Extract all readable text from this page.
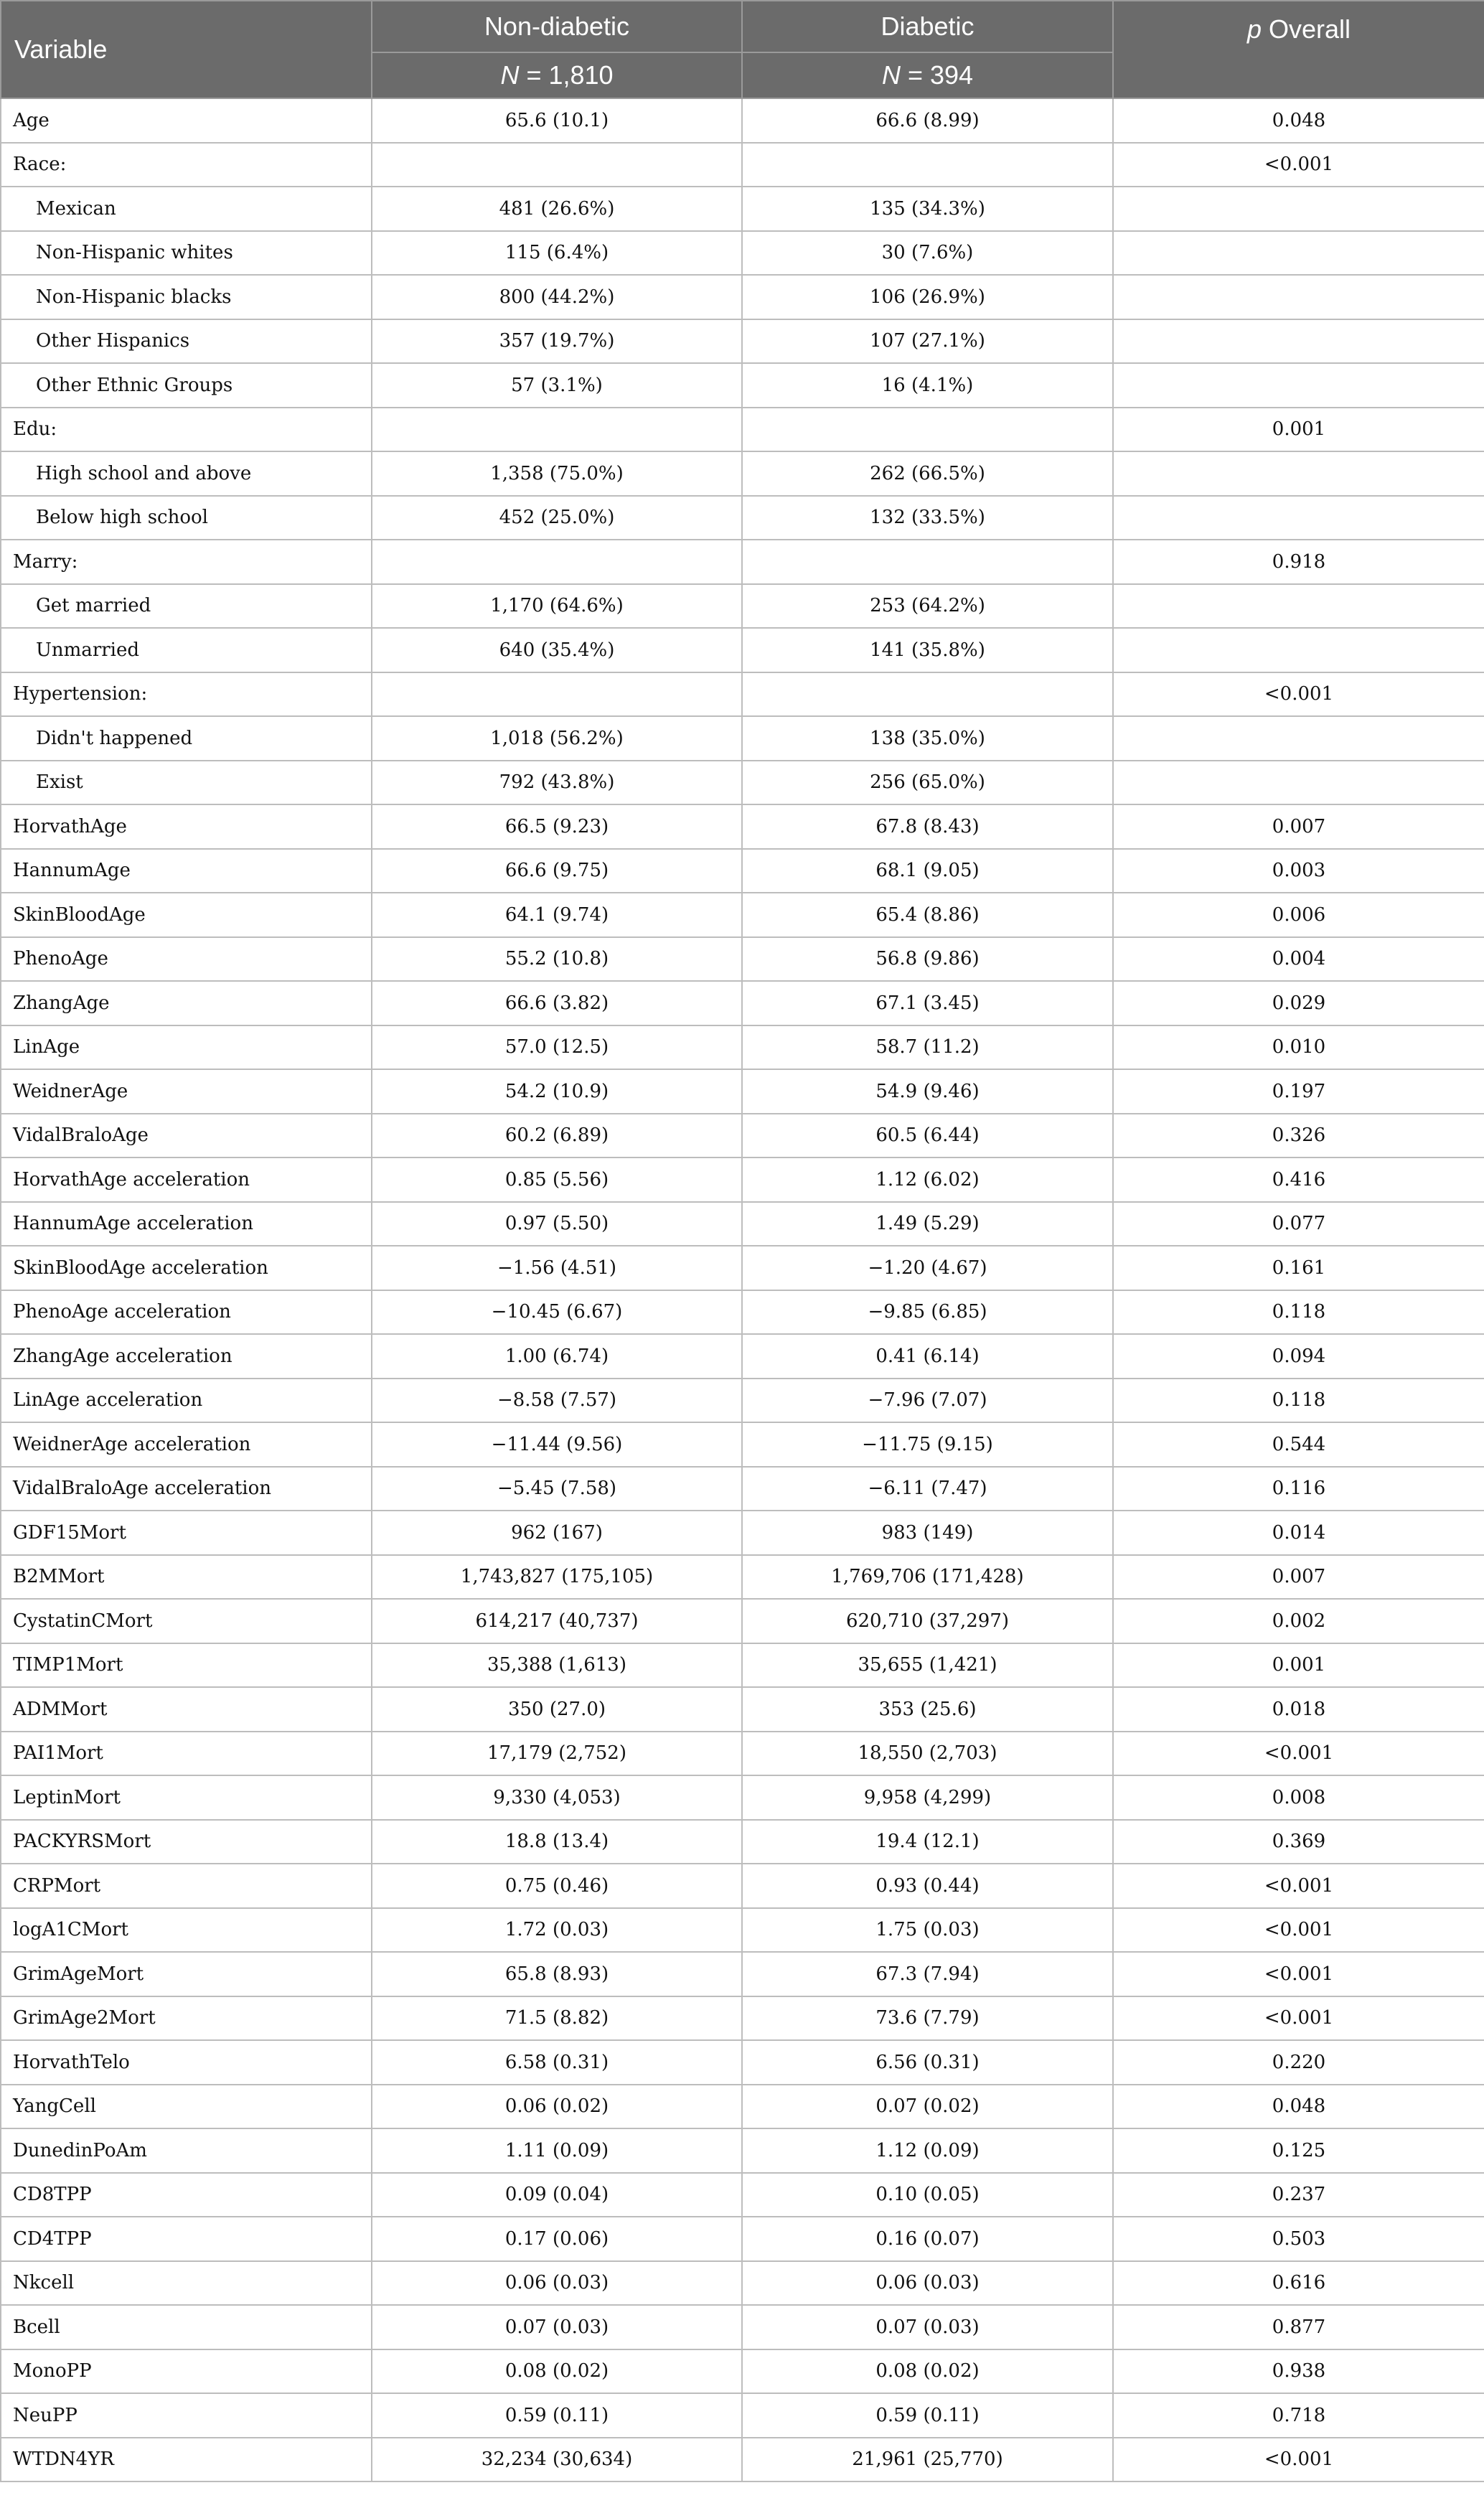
Variable	Non-diabetic	Diabetic	p Overall
	N = 1,810	N = 394	
Age	65.6 (10.1)	66.6 (8.99)	0.048
Race:			<0.001
Mexican	481 (26.6%)	135 (34.3%)	
Non-Hispanic whites	115 (6.4%)	30 (7.6%)	
Non-Hispanic blacks	800 (44.2%)	106 (26.9%)	
Other Hispanics	357 (19.7%)	107 (27.1%)	
Other Ethnic Groups	57 (3.1%)	16 (4.1%)	
Edu:			0.001
High school and above	1,358 (75.0%)	262 (66.5%)	
Below high school	452 (25.0%)	132 (33.5%)	
Marry:			0.918
Get married	1,170 (64.6%)	253 (64.2%)	
Unmarried	640 (35.4%)	141 (35.8%)	
Hypertension:			<0.001
Didn't happened	1,018 (56.2%)	138 (35.0%)	
Exist	792 (43.8%)	256 (65.0%)	
HorvathAge	66.5 (9.23)	67.8 (8.43)	0.007
HannumAge	66.6 (9.75)	68.1 (9.05)	0.003
SkinBloodAge	64.1 (9.74)	65.4 (8.86)	0.006
PhenoAge	55.2 (10.8)	56.8 (9.86)	0.004
ZhangAge	66.6 (3.82)	67.1 (3.45)	0.029
LinAge	57.0 (12.5)	58.7 (11.2)	0.010
WeidnerAge	54.2 (10.9)	54.9 (9.46)	0.197
VidalBraloAge	60.2 (6.89)	60.5 (6.44)	0.326
HorvathAge acceleration	0.85 (5.56)	1.12 (6.02)	0.416
HannumAge acceleration	0.97 (5.50)	1.49 (5.29)	0.077
SkinBloodAge acceleration	−1.56 (4.51)	−1.20 (4.67)	0.161
PhenoAge acceleration	−10.45 (6.67)	−9.85 (6.85)	0.118
ZhangAge acceleration	1.00 (6.74)	0.41 (6.14)	0.094
LinAge acceleration	−8.58 (7.57)	−7.96 (7.07)	0.118
WeidnerAge acceleration	−11.44 (9.56)	−11.75 (9.15)	0.544
VidalBraloAge acceleration	−5.45 (7.58)	−6.11 (7.47)	0.116
GDF15Mort	962 (167)	983 (149)	0.014
B2MMort	1,743,827 (175,105)	1,769,706 (171,428)	0.007
CystatinCMort	614,217 (40,737)	620,710 (37,297)	0.002
TIMP1Mort	35,388 (1,613)	35,655 (1,421)	0.001
ADMMort	350 (27.0)	353 (25.6)	0.018
PAI1Mort	17,179 (2,752)	18,550 (2,703)	<0.001
LeptinMort	9,330 (4,053)	9,958 (4,299)	0.008
PACKYRSMort	18.8 (13.4)	19.4 (12.1)	0.369
CRPMort	0.75 (0.46)	0.93 (0.44)	<0.001
logA1CMort	1.72 (0.03)	1.75 (0.03)	<0.001
GrimAgeMort	65.8 (8.93)	67.3 (7.94)	<0.001
GrimAge2Mort	71.5 (8.82)	73.6 (7.79)	<0.001
HorvathTelo	6.58 (0.31)	6.56 (0.31)	0.220
YangCell	0.06 (0.02)	0.07 (0.02)	0.048
DunedinPoAm	1.11 (0.09)	1.12 (0.09)	0.125
CD8TPP	0.09 (0.04)	0.10 (0.05)	0.237
CD4TPP	0.17 (0.06)	0.16 (0.07)	0.503
Nkcell	0.06 (0.03)	0.06 (0.03)	0.616
Bcell	0.07 (0.03)	0.07 (0.03)	0.877
MonoPP	0.08 (0.02)	0.08 (0.02)	0.938
NeuPP	0.59 (0.11)	0.59 (0.11)	0.718
WTDN4YR	32,234 (30,634)	21,961 (25,770)	<0.001
